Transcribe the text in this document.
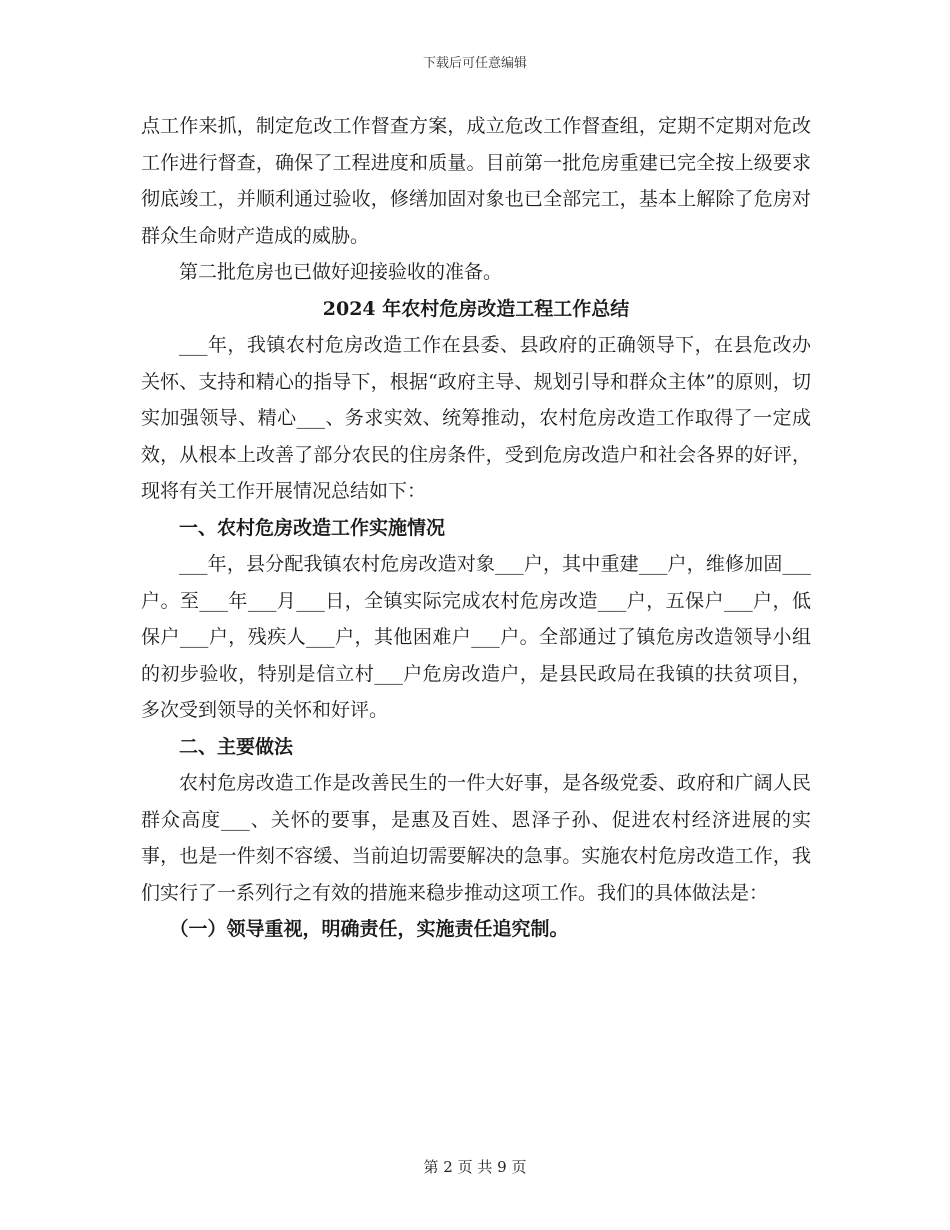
下载后可任意编辑

点工作来抓，制定危改工作督查方案，成立危改工作督查组，定期不定期对危改工作进行督查，确保了工程进度和质量。目前第一批危房重建已完全按上级要求彻底竣工，并顺利通过验收，修缮加固对象也已全部完工，基本上解除了危房对群众生命财产造成的威胁。

第二批危房也已做好迎接验收的准备。

2024 年农村危房改造工程工作总结

___年，我镇农村危房改造工作在县委、县政府的正确领导下，在县危改办关怀、支持和精心的指导下，根据“政府主导、规划引导和群众主体”的原则，切实加强领导、精心___、务求实效、统筹推动，农村危房改造工作取得了一定成效，从根本上改善了部分农民的住房条件，受到危房改造户和社会各界的好评，现将有关工作开展情况总结如下：

一、农村危房改造工作实施情况

___年，县分配我镇农村危房改造对象___户，其中重建___户，维修加固___户。至___年___月___日，全镇实际完成农村危房改造___户，五保户___户，低保户___户，残疾人___户，其他困难户___户。全部通过了镇危房改造领导小组的初步验收，特别是信立村___户危房改造户，是县民政局在我镇的扶贫项目，多次受到领导的关怀和好评。

二、主要做法

农村危房改造工作是改善民生的一件大好事，是各级党委、政府和广阔人民群众高度___、关怀的要事，是惠及百姓、恩泽子孙、促进农村经济进展的实事，也是一件刻不容缓、当前迫切需要解决的急事。实施农村危房改造工作，我们实行了一系列行之有效的措施来稳步推动这项工作。我们的具体做法是：

（一）领导重视，明确责任，实施责任追究制。

第 2 页 共 9 页
